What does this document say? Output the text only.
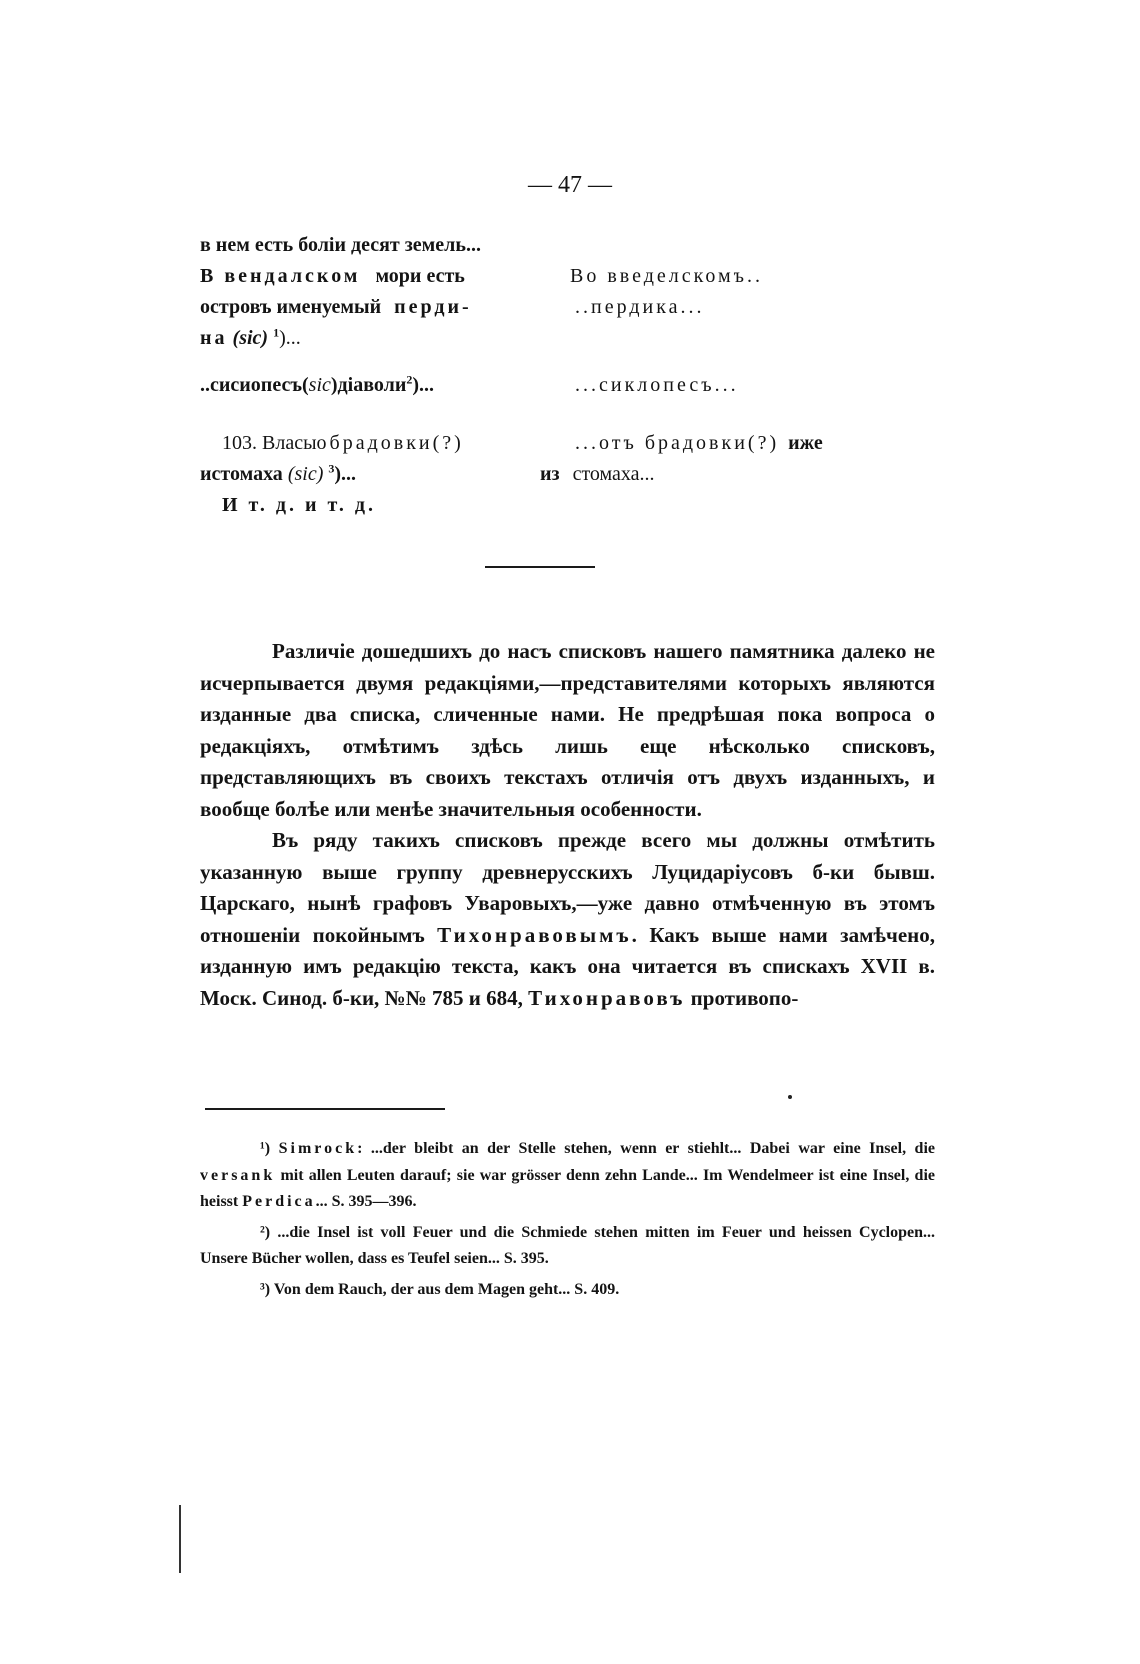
— 47 —
в нем есть боліи десят земель...
В вендалском мори есть
островъ именуемый перди-
на (sic) $^1$)...
..сисиопесъ(sic)діаволи$^2$)...
103. Власыобрадовки(?)
истомаха (sic) $^3$)...
И т. д. и т. д.
Во введелскомъ..
..пердика...
...сиклопесъ...
...отъ брадовки(?) иже
из стомаха...

Различіе дошедшихъ до насъ списковъ нашего памятника далеко не исчерпывается двумя редакціями,—представителями которыхъ являются изданные два списка, сличенные нами. Не предрѣшая пока вопроса о редакціяхъ, отмѣтимъ здѣсь лишь еще нѣсколько списковъ, представляющихъ въ своихъ текстахъ отличія отъ двухъ изданныхъ, и вообще болѣе или менѣе значительныя особенности.

Въ ряду такихъ списковъ прежде всего мы должны отмѣтить указанную выше группу древнерусскихъ Луцидаріусовъ б-ки бывш. Царскаго, нынѣ графовъ Уваровыхъ,—уже давно отмѣченную въ этомъ отношеніи покойнымъ Тихонравовымъ. Какъ выше нами замѣчено, изданную имъ редакцію текста, какъ она читается въ спискахъ XVII в. Моск. Синод. б-ки, №№ 785 и 684, Тихонравовъ противопо-

¹) Simrock: ...der bleibt an der Stelle stehen, wenn er stiehlt... Dabei war eine Insel, die versank mit allen Leuten darauf; sie war grösser denn zehn Lande... Im Wendelmeer ist eine Insel, die heisst Perdica... S. 395—396.

²) ...die Insel ist voll Feuer und die Schmiede stehen mitten im Feuer und heissen Cyclopen... Unsere Bücher wollen, dass es Teufel seien... S. 395.

³) Von dem Rauch, der aus dem Magen geht... S. 409.
